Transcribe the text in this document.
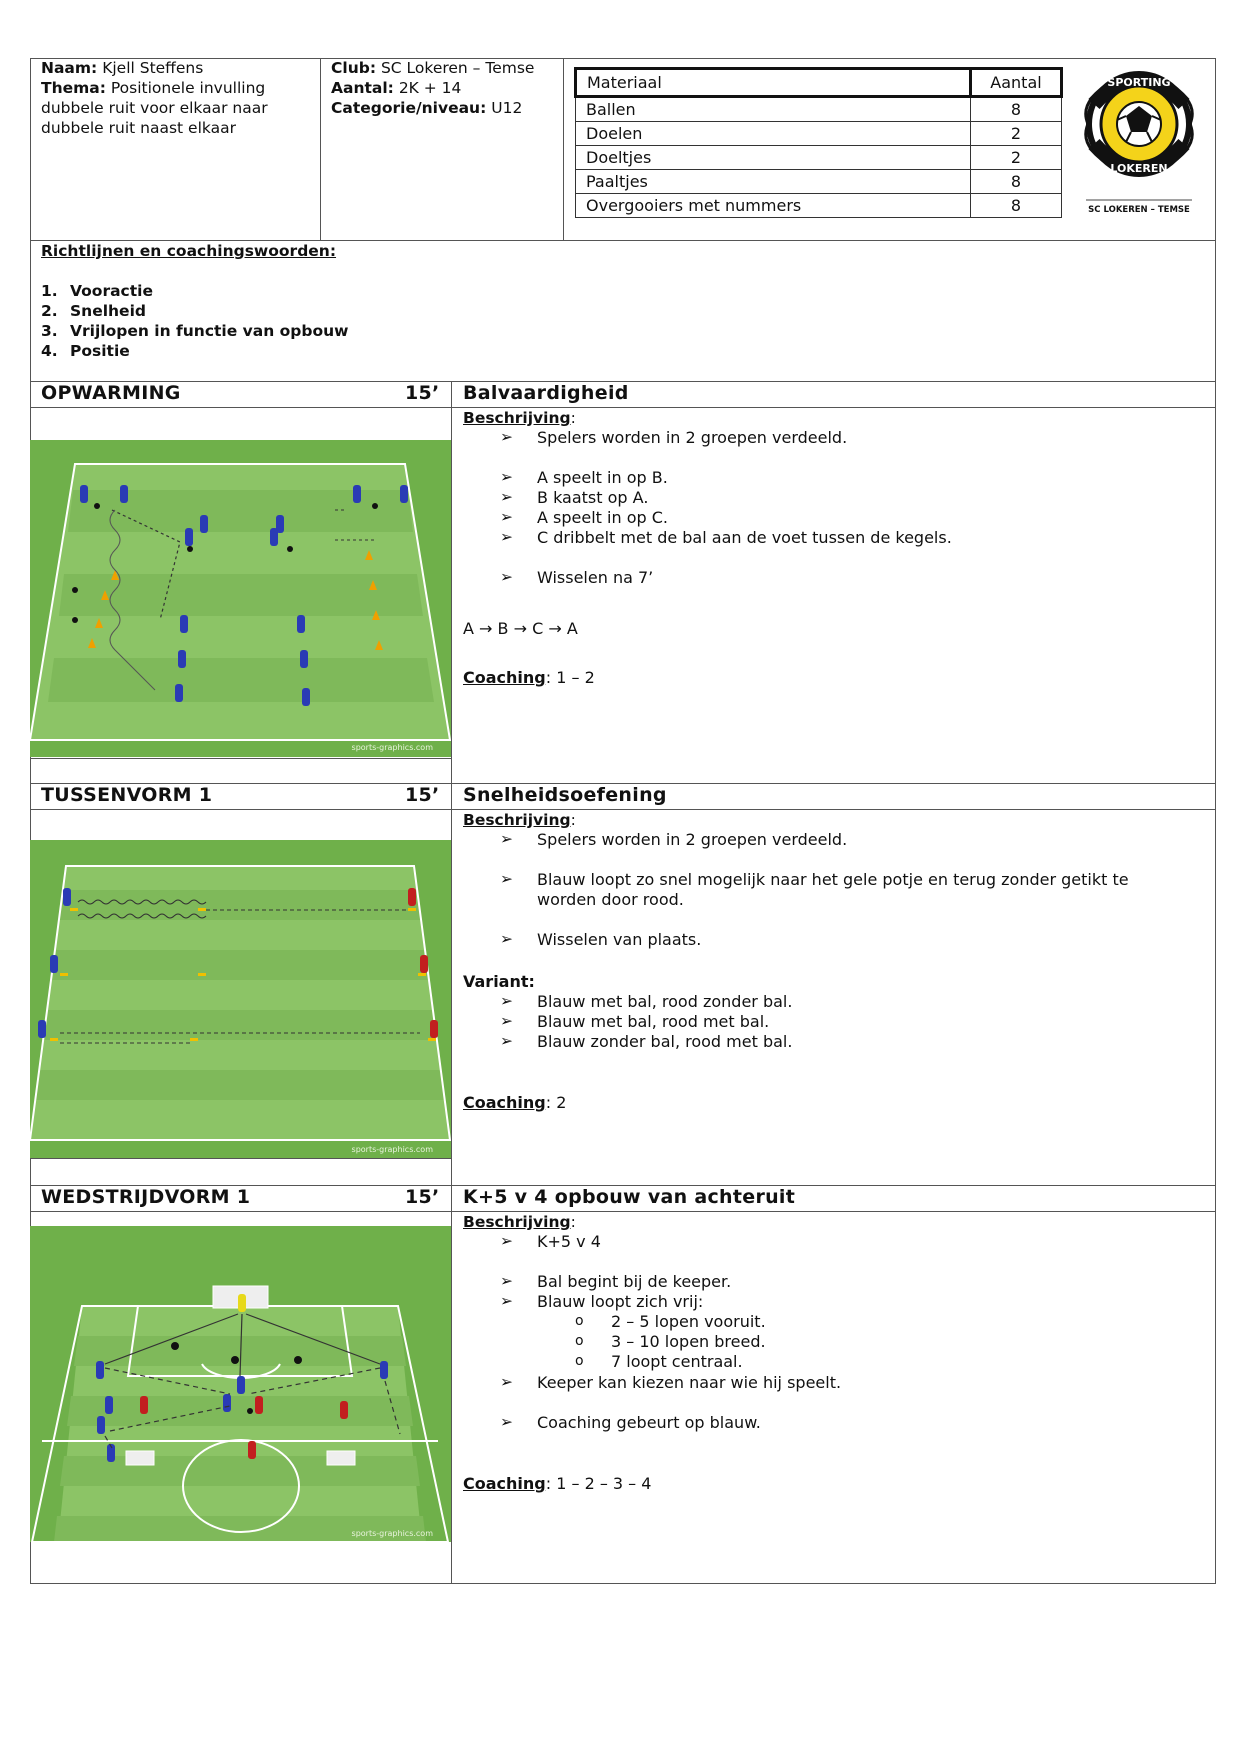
Naam: Kjell Steffens
Thema: Positionele invulling
dubbele ruit voor elkaar naar
dubbele ruit naast elkaar
Club: SC Lokeren – Temse
Aantal: 2K + 14
Categorie/niveau: U12
Materiaal	Aantal
Ballen	8
Doelen	2
Doeltjes	2
Paaltjes	8
Overgooiers met nummers	8
SPORTING
LOKEREN
SC LOKEREN – TEMSE
Richtlijnen en coachingswoorden:
1. Vooractie
2. Snelheid
3. Vrijlopen in functie van opbouw
4. Positie
OPWARMING	15’ Balvaardigheid
Beschrijving:
➢ Spelers worden in 2 groepen verdeeld.
➢ A speelt in op B.
➢ B kaatst op A.
➢ A speelt in op C.
➢ C dribbelt met de bal aan de voet tussen de kegels.
➢ Wisselen na 7’
A → B → C → A
Coaching: 1 – 2
sports-graphics.com
TUSSENVORM 1	15’ Snelheidsoefening
Beschrijving:
➢ Spelers worden in 2 groepen verdeeld.
➢ Blauw loopt zo snel mogelijk naar het gele potje en terug zonder getikt te
worden door rood.
➢ Wisselen van plaats.
Variant:
➢ Blauw met bal, rood zonder bal.
➢ Blauw met bal, rood met bal.
➢ Blauw zonder bal, rood met bal.
Coaching: 2
sports-graphics.com
WEDSTRIJDVORM 1	15’ K+5 v 4 opbouw van achteruit
Beschrijving:
➢ K+5 v 4
➢ Bal begint bij de keeper.
➢ Blauw loopt zich vrij:
o 2 – 5 lopen vooruit.
o 3 – 10 lopen breed.
o 7 loopt centraal.
➢ Keeper kan kiezen naar wie hij speelt.
➢ Coaching gebeurt op blauw.
Coaching: 1 – 2 – 3 – 4
sports-graphics.com
